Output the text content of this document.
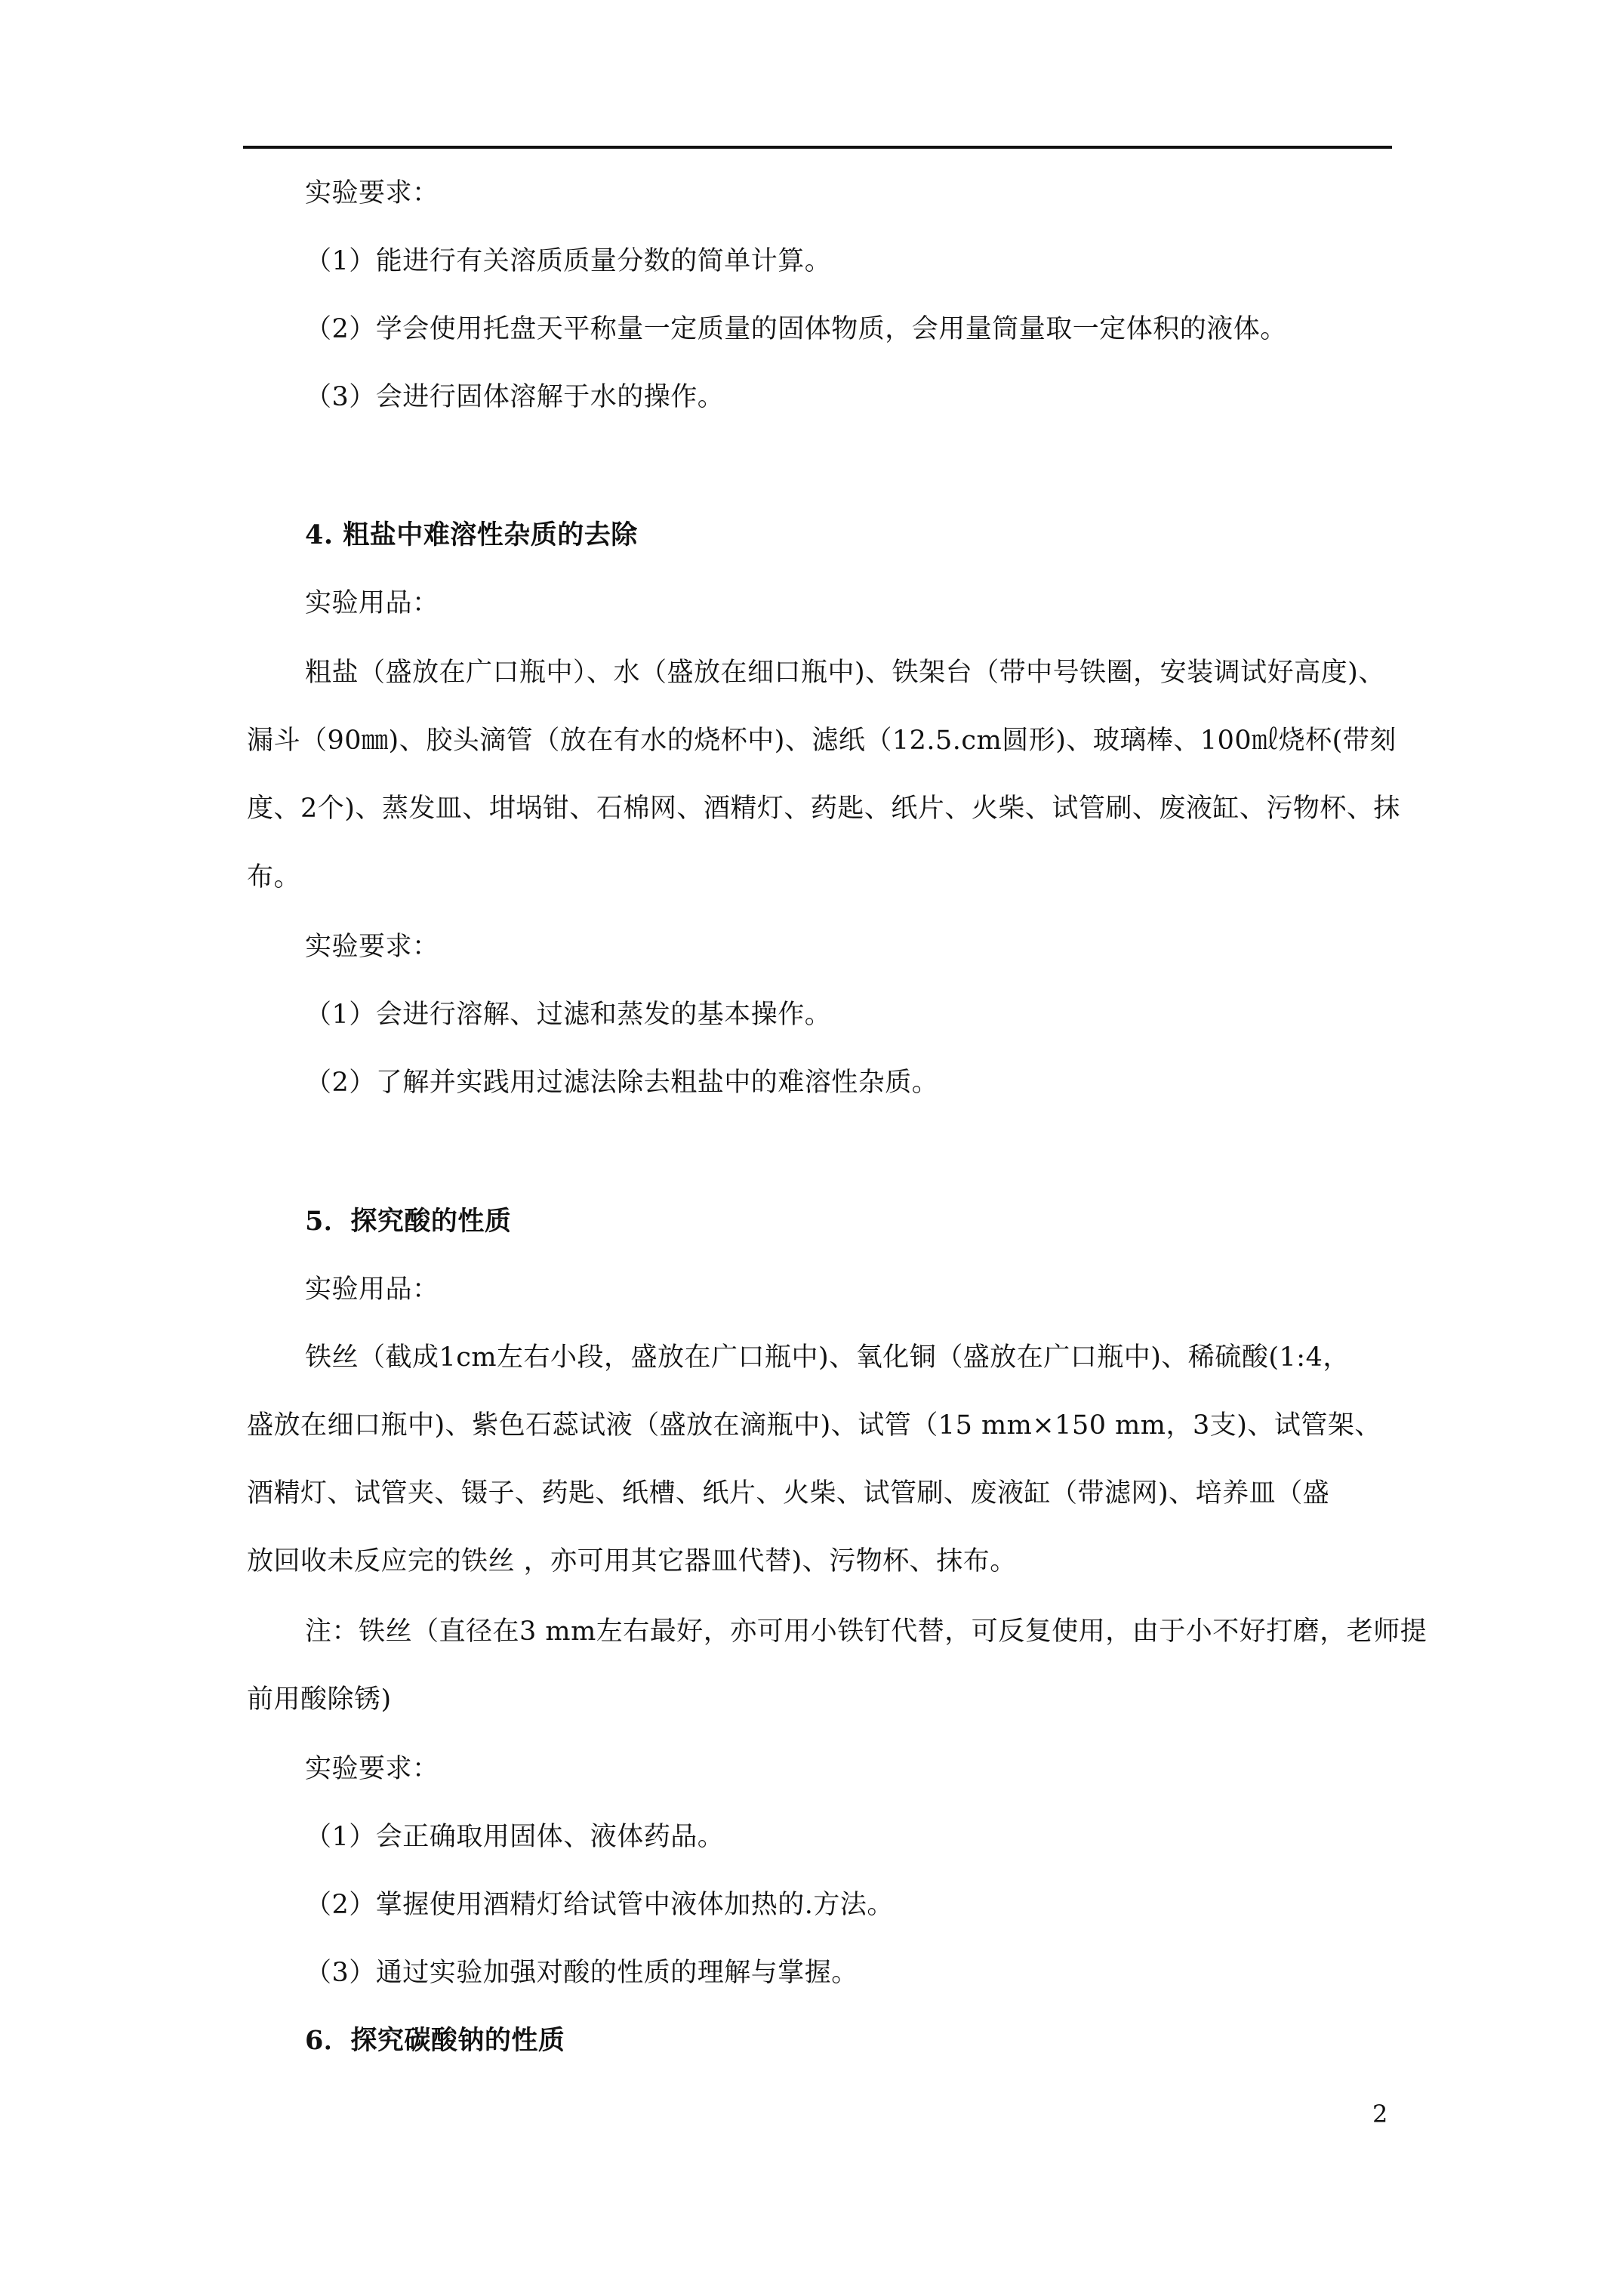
实验要求：
（1）能进行有关溶质质量分数的简单计算。
（2）学会使用托盘天平称量一定质量的固体物质，会用量筒量取一定体积的液体。
（3）会进行固体溶解于水的操作。
4. 粗盐中难溶性杂质的去除
实验用品：
粗盐（盛放在广口瓶中）、水（盛放在细口瓶中)、铁架台（带中号铁圈，安装调试好高度)、
漏斗（90㎜)、胶头滴管（放在有水的烧杯中)、滤纸（12.5.cm圆形)、玻璃棒、100㎖烧杯(带刻
度、2个)、蒸发皿、坩埚钳、石棉网、酒精灯、药匙、纸片、火柴、试管刷、废液缸、污物杯、抹
布。
实验要求：
（1）会进行溶解、过滤和蒸发的基本操作。
（2）了解并实践用过滤法除去粗盐中的难溶性杂质。
5．探究酸的性质
实验用品：
铁丝（截成1cm左右小段，盛放在广口瓶中)、氧化铜（盛放在广口瓶中)、稀硫酸(1:4，
盛放在细口瓶中)、紫色石蕊试液（盛放在滴瓶中)、试管（15 mm×150 mm，3支)、试管架、
酒精灯、试管夹、镊子、药匙、纸槽、纸片、火柴、试管刷、废液缸（带滤网)、培养皿（盛
放回收未反应完的铁丝 ，亦可用其它器皿代替)、污物杯、抹布。
注：铁丝（直径在3 mm左右最好，亦可用小铁钉代替，可反复使用，由于小不好打磨，老师提
前用酸除锈)
实验要求：
（1）会正确取用固体、液体药品。
（2）掌握使用酒精灯给试管中液体加热的.方法。
（3）通过实验加强对酸的性质的理解与掌握。
6．探究碳酸钠的性质
2
